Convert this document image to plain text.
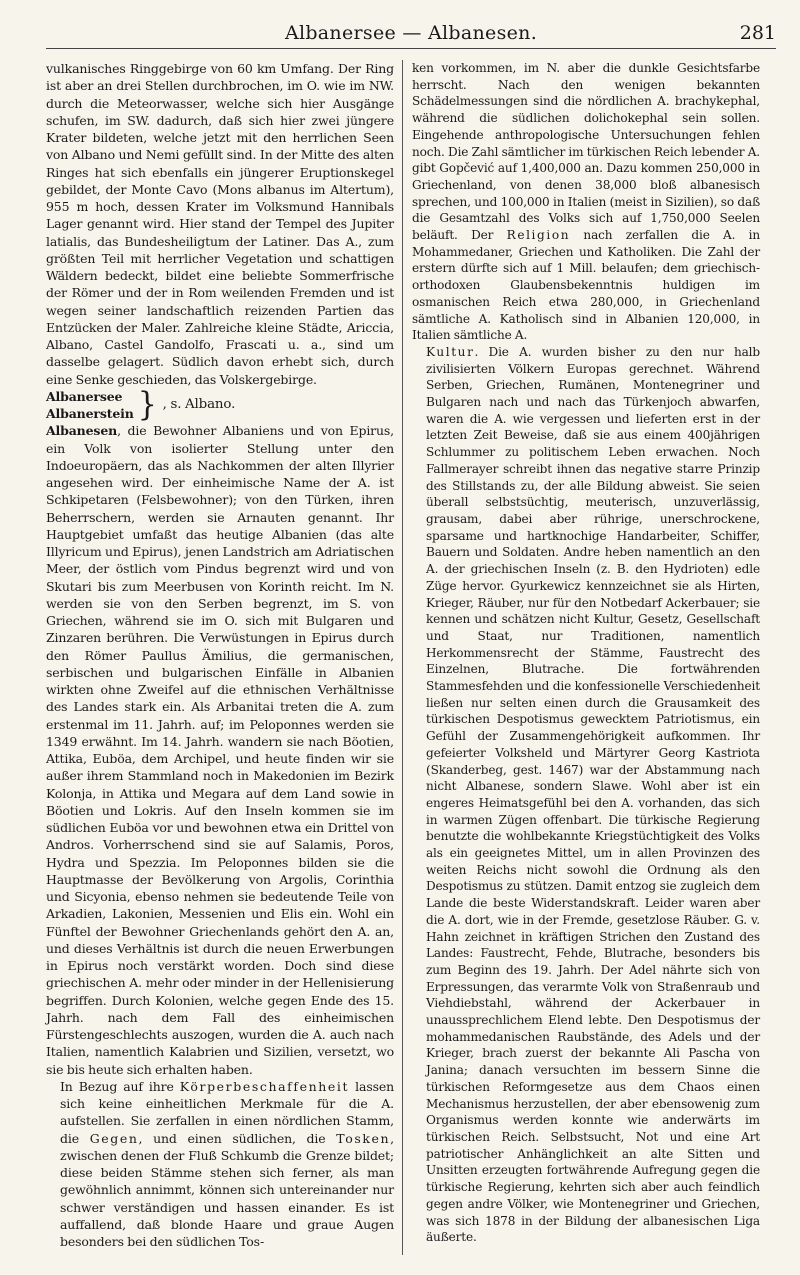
Albanersee — Albanesen.	281

vulkanisches Ringgebirge von 60 km Umfang. Der Ring ist aber an drei Stellen durchbrochen, im O. wie im NW. durch die Meteorwasser, welche sich hier Ausgänge schufen, im SW. dadurch, daß sich hier zwei jüngere Krater bildeten, welche jetzt mit den herrlichen Seen von Albano und Nemi gefüllt sind. In der Mitte des alten Ringes hat sich ebenfalls ein jüngerer Eruptionskegel gebildet, der Monte Cavo (Mons albanus im Altertum), 955 m hoch, dessen Krater im Volksmund Hannibals Lager genannt wird. Hier stand der Tempel des Jupiter latialis, das Bundesheiligtum der Latiner. Das A., zum größten Teil mit herrlicher Vegetation und schattigen Wäldern bedeckt, bildet eine beliebte Sommerfrische der Römer und der in Rom weilenden Fremden und ist wegen seiner landschaftlich reizenden Partien das Entzücken der Maler. Zahlreiche kleine Städte, Ariccia, Albano, Castel Gandolfo, Frascati u. a., sind um dasselbe gelagert. Südlich davon erhebt sich, durch eine Senke geschieden, das Volskergebirge.

Albanersee
Albanerstein } , s. Albano.

Albanesen, die Bewohner Albaniens und von Epirus, ein Volk von isolierter Stellung unter den Indoeuropäern, das als Nachkommen der alten Illyrier angesehen wird. Der einheimische Name der A. ist Schkipetaren (Felsbewohner); von den Türken, ihren Beherrschern, werden sie Arnauten genannt. Ihr Hauptgebiet umfaßt das heutige Albanien (das alte Illyricum und Epirus), jenen Landstrich am Adriatischen Meer, der östlich vom Pindus begrenzt wird und von Skutari bis zum Meerbusen von Korinth reicht. Im N. werden sie von den Serben begrenzt, im S. von Griechen, während sie im O. sich mit Bulgaren und Zinzaren berühren. Die Verwüstungen in Epirus durch den Römer Paullus Ämilius, die germanischen, serbischen und bulgarischen Einfälle in Albanien wirkten ohne Zweifel auf die ethnischen Verhältnisse des Landes stark ein. Als Arbanitai treten die A. zum erstenmal im 11. Jahrh. auf; im Peloponnes werden sie 1349 erwähnt. Im 14. Jahrh. wandern sie nach Böotien, Attika, Euböa, dem Archipel, und heute finden wir sie außer ihrem Stammland noch in Makedonien im Bezirk Kolonja, in Attika und Megara auf dem Land sowie in Böotien und Lokris. Auf den Inseln kommen sie im südlichen Euböa vor und bewohnen etwa ein Drittel von Andros. Vorherrschend sind sie auf Salamis, Poros, Hydra und Spezzia. Im Peloponnes bilden sie die Hauptmasse der Bevölkerung von Argolis, Corinthia und Sicyonia, ebenso nehmen sie bedeutende Teile von Arkadien, Lakonien, Messenien und Elis ein. Wohl ein Fünftel der Bewohner Griechenlands gehört den A. an, und dieses Verhältnis ist durch die neuen Erwerbungen in Epirus noch verstärkt worden. Doch sind diese griechischen A. mehr oder minder in der Hellenisierung begriffen. Durch Kolonien, welche gegen Ende des 15. Jahrh. nach dem Fall des einheimischen Fürstengeschlechts auszogen, wurden die A. auch nach Italien, namentlich Kalabrien und Sizilien, versetzt, wo sie bis heute sich erhalten haben.

In Bezug auf ihre Körperbeschaffenheit lassen sich keine einheitlichen Merkmale für die A. aufstellen. Sie zerfallen in einen nördlichen Stamm, die Gegen, und einen südlichen, die Tosken, zwischen denen der Fluß Schkumb die Grenze bildet; diese beiden Stämme stehen sich ferner, als man gewöhnlich annimmt, können sich untereinander nur schwer verständigen und hassen einander. Es ist auffallend, daß blonde Haare und graue Augen besonders bei den südlichen Tos-

ken vorkommen, im N. aber die dunkle Gesichtsfarbe herrscht. Nach den wenigen bekannten Schädelmessungen sind die nördlichen A. brachykephal, während die südlichen dolichokephal sein sollen. Eingehende anthropologische Untersuchungen fehlen noch. Die Zahl sämtlicher im türkischen Reich lebender A. gibt Gopčević auf 1,400,000 an. Dazu kommen 250,000 in Griechenland, von denen 38,000 bloß albanesisch sprechen, und 100,000 in Italien (meist in Sizilien), so daß die Gesamtzahl des Volks sich auf 1,750,000 Seelen beläuft. Der Religion nach zerfallen die A. in Mohammedaner, Griechen und Katholiken. Die Zahl der erstern dürfte sich auf 1 Mill. belaufen; dem griechisch-orthodoxen Glaubensbekenntnis huldigen im osmanischen Reich etwa 280,000, in Griechenland sämtliche A. Katholisch sind in Albanien 120,000, in Italien sämtliche A.

Kultur. Die A. wurden bisher zu den nur halb zivilisierten Völkern Europas gerechnet. Während Serben, Griechen, Rumänen, Montenegriner und Bulgaren nach und nach das Türkenjoch abwarfen, waren die A. wie vergessen und lieferten erst in der letzten Zeit Beweise, daß sie aus einem 400jährigen Schlummer zu politischem Leben erwachen. Noch Fallmerayer schreibt ihnen das negative starre Prinzip des Stillstands zu, der alle Bildung abweist. Sie seien überall selbstsüchtig, meuterisch, unzuverlässig, grausam, dabei aber rührige, unerschrockene, sparsame und hartknochige Handarbeiter, Schiffer, Bauern und Soldaten. Andre heben namentlich an den A. der griechischen Inseln (z. B. den Hydrioten) edle Züge hervor. Gyurkewicz kennzeichnet sie als Hirten, Krieger, Räuber, nur für den Notbedarf Ackerbauer; sie kennen und schätzen nicht Kultur, Gesetz, Gesellschaft und Staat, nur Traditionen, namentlich Herkommensrecht der Stämme, Faustrecht des Einzelnen, Blutrache. Die fortwährenden Stammesfehden und die konfessionelle Verschiedenheit ließen nur selten einen durch die Grausamkeit des türkischen Despotismus gewecktem Patriotismus, ein Gefühl der Zusammengehörigkeit aufkommen. Ihr gefeierter Volksheld und Märtyrer Georg Kastriota (Skanderbeg, gest. 1467) war der Abstammung nach nicht Albanese, sondern Slawe. Wohl aber ist ein engeres Heimatsgefühl bei den A. vorhanden, das sich in warmen Zügen offenbart. Die türkische Regierung benutzte die wohlbekannte Kriegstüchtigkeit des Volks als ein geeignetes Mittel, um in allen Provinzen des weiten Reichs nicht sowohl die Ordnung als den Despotismus zu stützen. Damit entzog sie zugleich dem Lande die beste Widerstandskraft. Leider waren aber die A. dort, wie in der Fremde, gesetzlose Räuber. G. v. Hahn zeichnet in kräftigen Strichen den Zustand des Landes: Faustrecht, Fehde, Blutrache, besonders bis zum Beginn des 19. Jahrh. Der Adel nährte sich von Erpressungen, das verarmte Volk von Straßenraub und Viehdiebstahl, während der Ackerbauer in unaussprechlichem Elend lebte. Den Despotismus der mohammedanischen Raubstände, des Adels und der Krieger, brach zuerst der bekannte Ali Pascha von Janina; danach versuchten im bessern Sinne die türkischen Reformgesetze aus dem Chaos einen Mechanismus herzustellen, der aber ebensowenig zum Organismus werden konnte wie anderwärts im türkischen Reich. Selbstsucht, Not und eine Art patriotischer Anhänglichkeit an alte Sitten und Unsitten erzeugten fortwährende Aufregung gegen die türkische Regierung, kehrten sich aber auch feindlich gegen andre Völker, wie Montenegriner und Griechen, was sich 1878 in der Bildung der albanesischen Liga äußerte.
